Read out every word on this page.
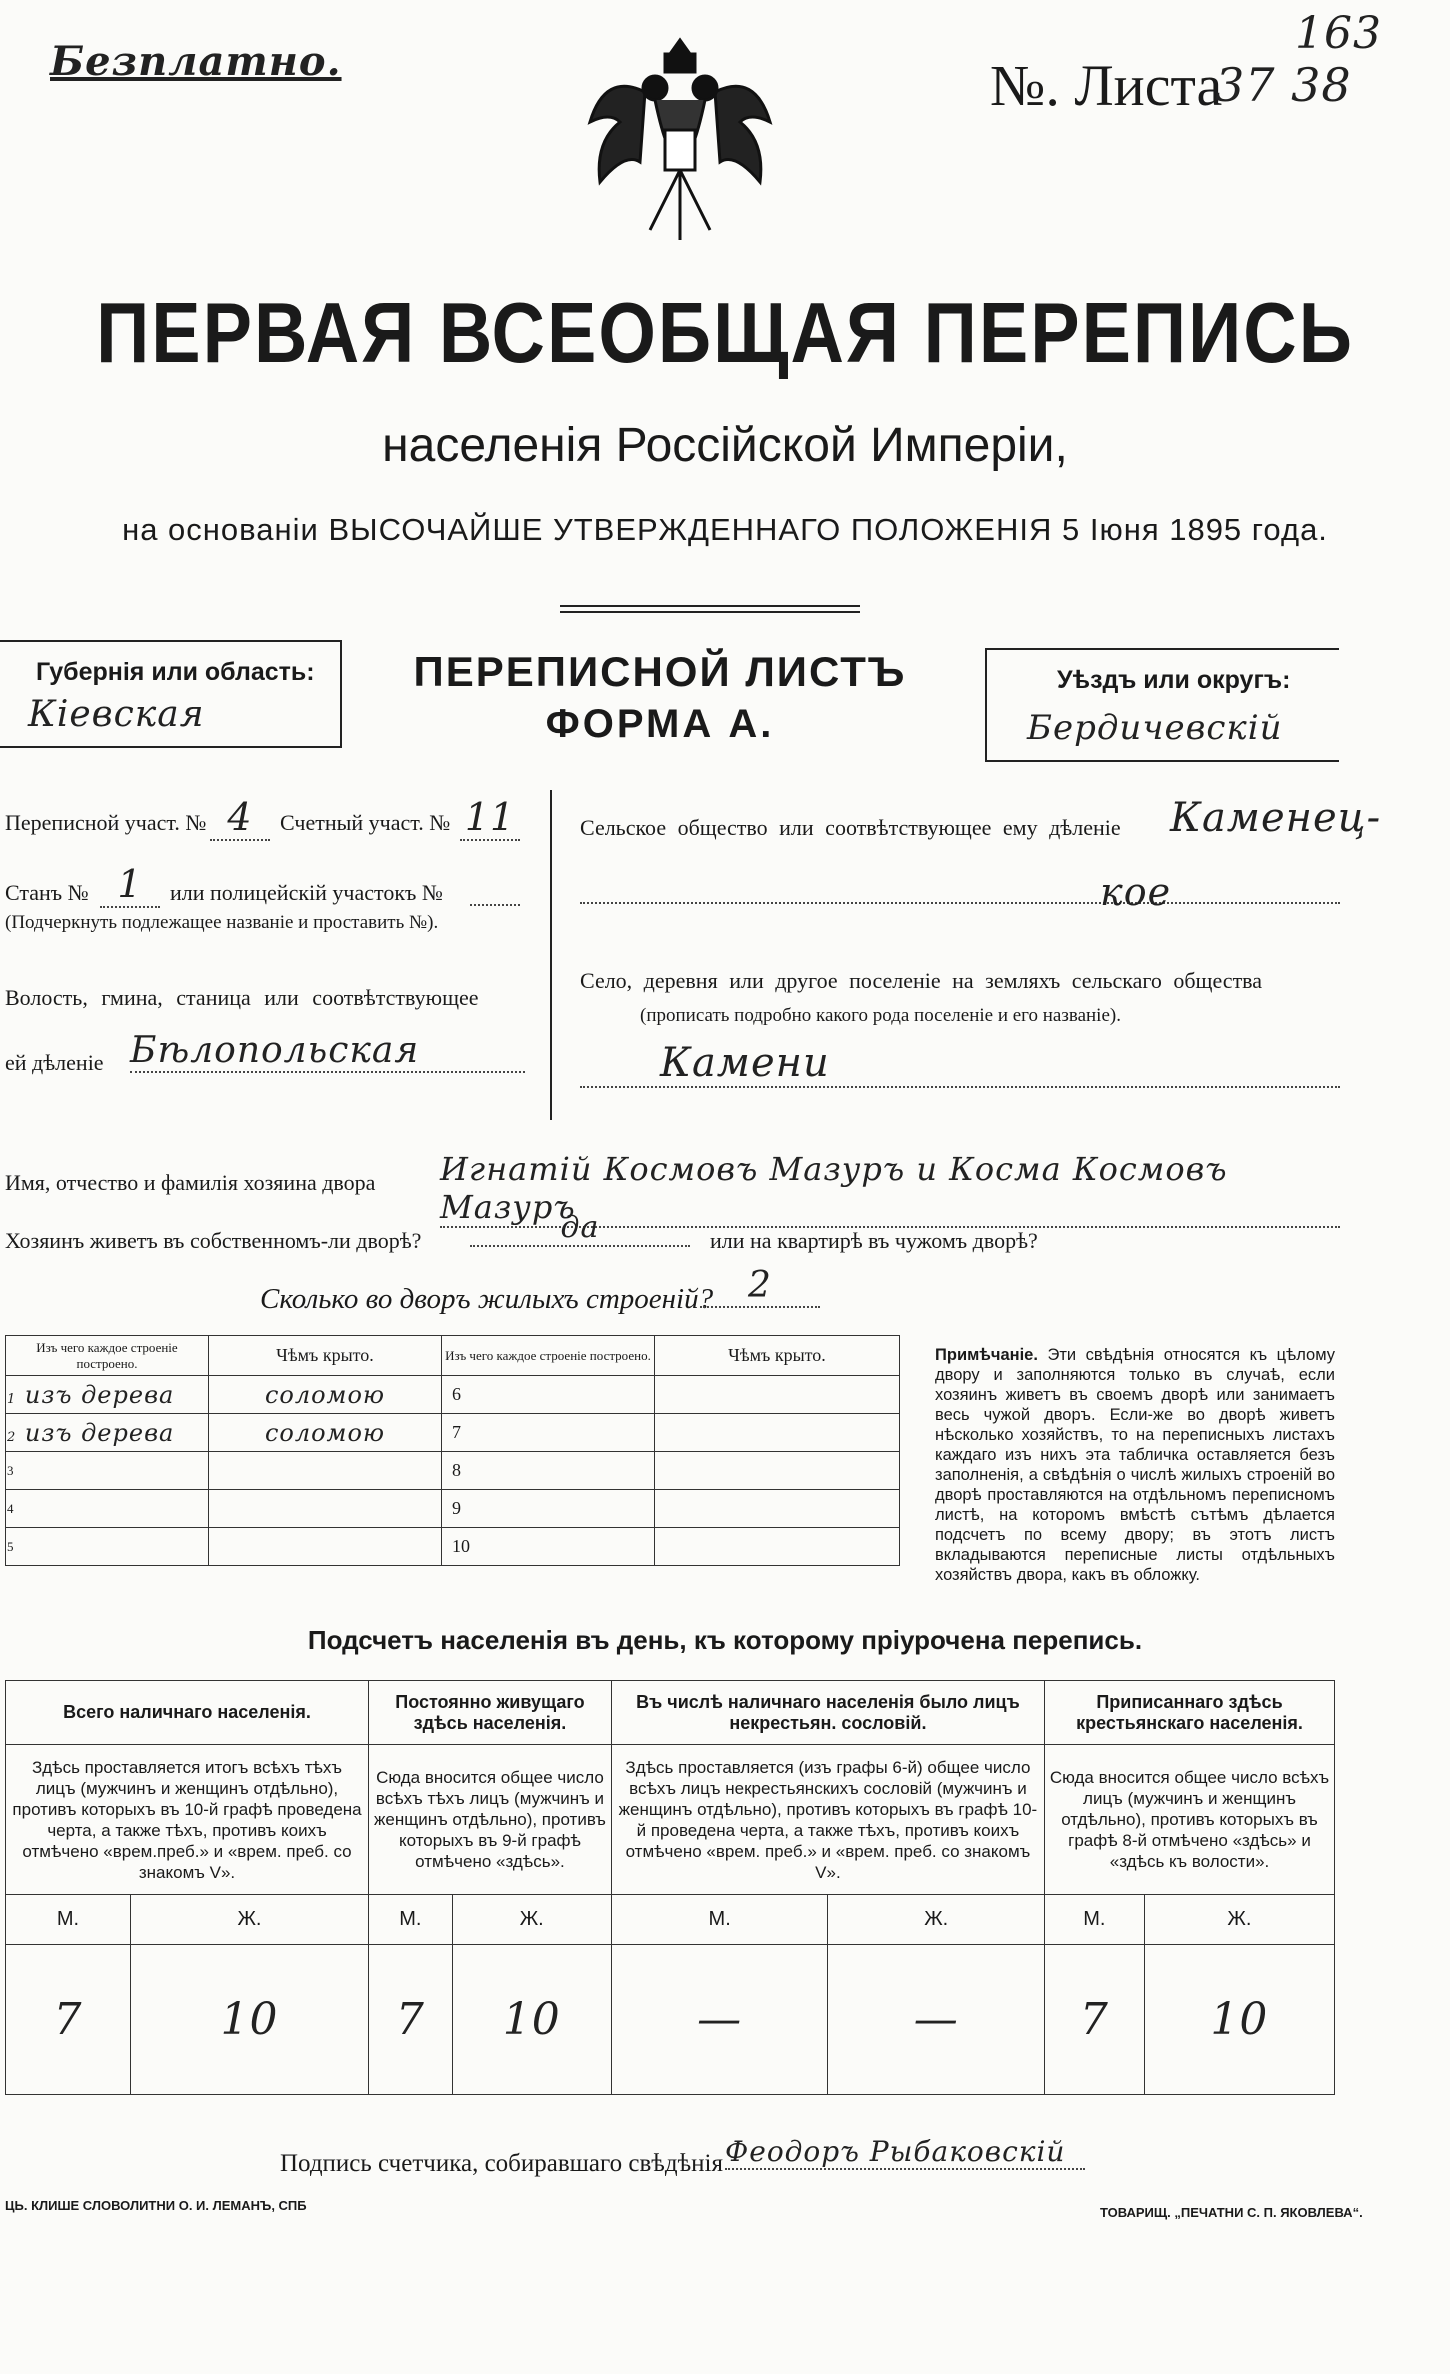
Безплатно.
163
№. Листа
37 38
ПЕРВАЯ ВСЕОБЩАЯ ПЕРЕПИСЬ
населенія Россійской Имперіи,
на основаніи ВЫСОЧАЙШЕ УТВЕРЖДЕННАГО ПОЛОЖЕНІЯ 5 Іюня 1895 года.
Губернія или область:
Кіевская
ПЕРЕПИСНОЙ ЛИСТЪ
ФОРМА А.
Уѣздъ или округъ:
Бердичевскій
Переписной участ. № 4	Счетный участ. № 11
Станъ № 1	или полицейскій участокъ №
(Подчеркнуть подлежащее названіе и проставить №).
Волость, гмина, станица или соотвѣтствующее
ей дѣленіе Бѣлопольская
Сельское общество или соотвѣтствующее ему дѣленіе	Каменец-
кое
Село, деревня или другое поселеніе на земляхъ сельскаго общества
(прописать подробно какого рода поселеніе и его названіе).
Камени
Имя, отчество и фамилія хозяина двора Игнатій Космовъ Мазуръ и Косма Космовъ Мазуръ
Хозяинъ живетъ въ собственномъ-ли дворѣ?	да	или на квартирѣ въ чужомъ дворѣ?
Сколько во дворъ жилыхъ строеній? 2
Изъ чего каждое строеніе построено.	Чѣмъ крыто.	Изъ чего каждое строеніе построено.	Чѣмъ крыто.
1 изъ дерева	соломою	6	
2 изъ дерева	соломою	7	
3		8	
4		9	
5		10	
Примѣчаніе. Эти свѣдѣнія относятся къ цѣлому двору и заполняются только въ случаѣ, если хозяинъ живетъ въ своемъ дворѣ или занимаетъ весь чужой дворъ. Если-же во дворѣ живетъ нѣсколько хозяйствъ, то на переписныхъ листахъ каждаго изъ нихъ эта табличка оставляется безъ заполненія, а свѣдѣнія о числѣ жилыхъ строеній во дворѣ проставляются на отдѣльномъ переписномъ листѣ, на которомъ вмѣстѣ сътѣмъ дѣлается подсчетъ по всему двору; въ этотъ листъ вкладываются переписные листы отдѣльныхъ хозяйствъ двора, какъ въ обложку.
Подсчетъ населенія въ день, къ которому пріурочена перепись.
Всего наличнаго населенія.		Постоянно живущаго здѣсь населенія.		Въ числѣ наличнаго населенія было лицъ некрестьян. сословій.		Приписаннаго здѣсь крестьянскаго населенія.	
Здѣсь проставляется итогъ всѣхъ тѣхъ лицъ (мужчинъ и женщинъ отдѣльно), противъ которыхъ въ 10-й графѣ проведена черта, а также тѣхъ, противъ коихъ отмѣчено «врем.преб.» и «врем. преб. со знакомъ V».		Сюда вносится общее число всѣхъ тѣхъ лицъ (мужчинъ и женщинъ отдѣльно), противъ которыхъ въ 9-й графѣ отмѣчено «здѣсь».		Здѣсь проставляется (изъ графы 6-й) общее число всѣхъ лицъ некрестьянскихъ сословій (мужчинъ и женщинъ отдѣльно), противъ которыхъ въ графѣ 10-й проведена черта, а также тѣхъ, противъ коихъ отмѣчено «врем. преб.» и «врем. преб. со знакомъ V».		Сюда вносится общее число всѣхъ лицъ (мужчинъ и женщинъ отдѣльно), противъ которыхъ въ графѣ 8-й отмѣчено «здѣсь» и «здѣсь къ волости».	
М.	Ж.	М.	Ж.	М.	Ж.	М.	Ж.
7	10	7	10	—	—	7	10
Подпись счетчика, собиравшаго свѣдѣнія Феодоръ Рыбаковскій
ЦЬ. КЛИШЕ СЛОВОЛИТНИ О. И. ЛЕМАНЪ, СПБ	ТОВАРИЩ. „ПЕЧАТНИ С. П. ЯКОВЛЕВА“.
